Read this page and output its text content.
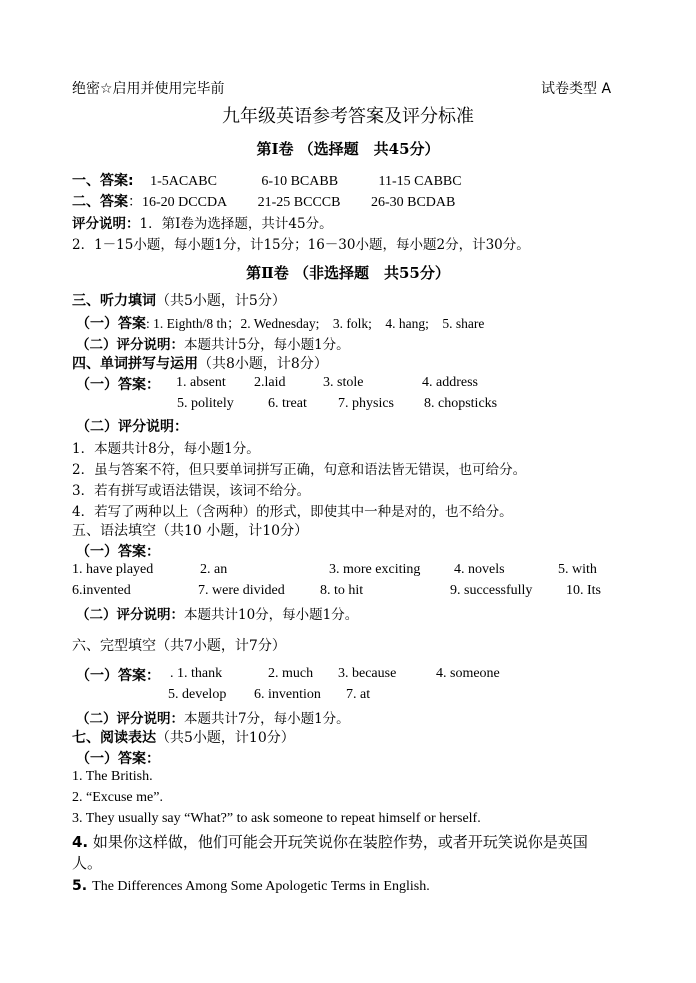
绝密☆启用并使用完毕前	试卷类型 A
九年级英语参考答案及评分标准
第Ⅰ卷 （选择题　共45分）
一、答案: 1-5ACABC	6-10 BCABB	11-15 CABBC
二、答案：16-20 DCCDA 21-25 BCCCB 26-30 BCDAB
评分说明：1．第Ⅰ卷为选择题，共计45分。
2．1－15小题，每小题1分，计15分；16－30小题，每小题2分，计30分。
第Ⅱ卷 （非选择题　共55分）
三、听力填词（共5小题，计5分）
（一）答案: 1. Eighth/8 th；2. Wednesday;　3. folk;　4. hang;　5. share
（二）评分说明：本题共计5分，每小题1分。
四、单词拼写与运用（共8小题，计8分）
（一）答案： 1. absent 2.laid	3. stole	4. address
5. politely 6. treat 7. physics 8. chopsticks
（二）评分说明：
1．本题共计8分，每小题1分。
2．虽与答案不符，但只要单词拼写正确，句意和语法皆无错误，也可给分。
3．若有拼写或语法错误，该词不给分。
4．若写了两种以上（含两种）的形式，即使其中一种是对的，也不给分。
五、语法填空（共10 小题，计10分）
（一）答案：
1. have played	2. an	3. more exciting 4. novels	5. with
6.invented	7. were divided	8. to hit	9. successfully 10. Its
（二）评分说明：本题共计10分，每小题1分。
六、完型填空（共7小题，计7分）
（一）答案： . 1. thank	2. much 3. because	4. someone
5. develop 6. invention 7. at
（二）评分说明：本题共计7分，每小题1分。
七、阅读表达（共5小题，计10分）
（一）答案：
1. The British.
2. “Excuse me”.
3. They usually say “What?” to ask someone to repeat himself or herself.
4. 如果你这样做，他们可能会开玩笑说你在装腔作势，或者开玩笑说你是英国
人。
5. The Differences Among Some Apologetic Terms in English.
